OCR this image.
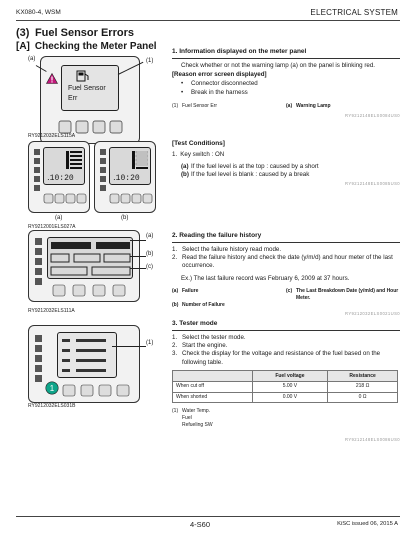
KX080-4, WSM	ELECTRICAL SYSTEM
(3) Fuel Sensor Errors
[A] Checking the Meter Panel
Fuel Sensor
Err
(a)	(1)
RY9212032ELS115A
․10:20	․10:20
(a)	(b)
RY9212001ELS027A
(a)
(b)
(c)
RY9212032ELS111A
1
(1)
RY9212032ELS031B
1. Information displayed on the meter panel
Check whether or not the warning lamp (a) on the panel is blinking red.
[Reason error screen displayed]
•	Connector disconnected
•	Break in the harness
(1) Fuel Sensor Err	(a) Warning Lamp
RY9212148ELS0084US0
[Test Conditions]
1. Key switch : ON
(a) If the fuel level is at the top : caused by a short
(b) If the fuel level is blank : caused by a break
RY9212148ELS0085US0
2. Reading the failure history
1. Select the failure history read mode.
2. Read the failure history and check the date (y/m/d) and hour meter of the last occurrence.
Ex.) The last failure record was February 6, 2009 at 37 hours.
(a) Failure	(c) The Last Breakdown Date (y/m/d) and Hour Meter.
(b) Number of Failure
RY9212032ELS0021US0
3. Tester mode
1. Select the tester mode.
2. Start the engine.
3. Check the display for the voltage and resistance of the fuel based on the following table.
	Fuel voltage	Resistance
When cut off	5.00 V	218 Ω
When shorted	0.00 V	0 Ω
(1) Water Temp.
Fuel
Refueling SW
RY9212148ELS0086US0
4-S60	KiSC issued 06, 2015 A
